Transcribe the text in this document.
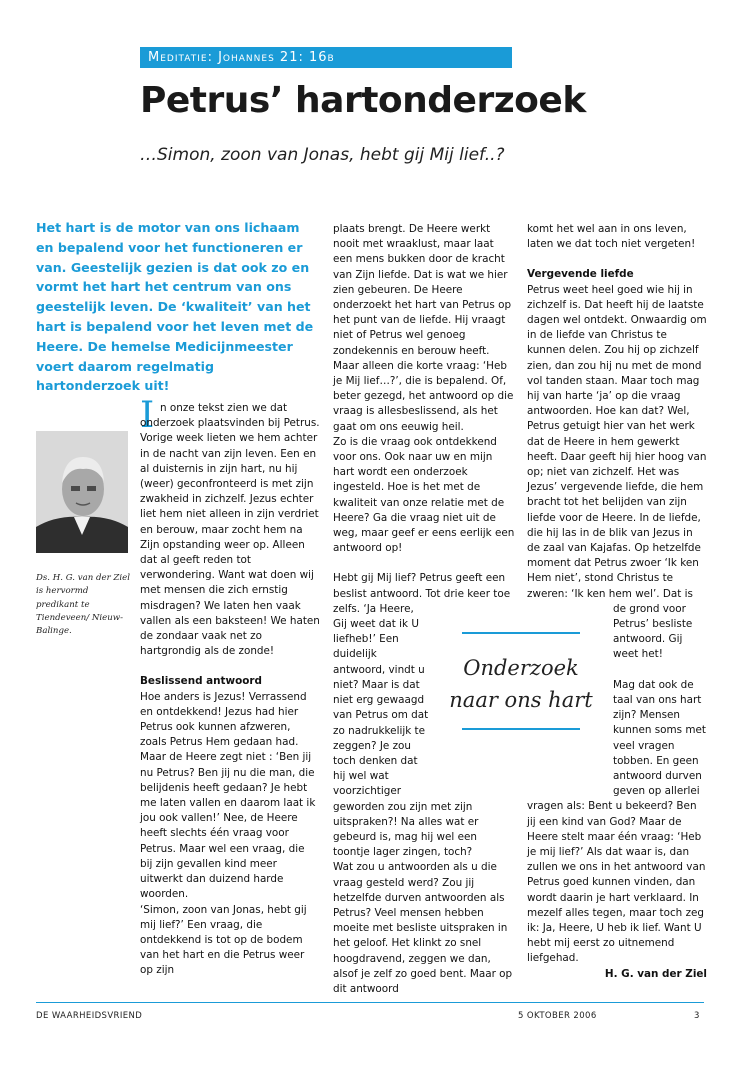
Meditatie: Johannes 21: 16b
Petrus’ hartonderzoek

…Simon, zoon van Jonas, hebt gij Mij lief..?

Het hart is de motor van ons lichaam en bepalend voor het functioneren er van. Geestelijk gezien is dat ook zo en vormt het hart het centrum van ons geestelijk leven. De ‘kwaliteit’ van het hart is bepalend voor het leven met de Heere. De hemelse Medicijnmeester voert daarom regelmatig hartonderzoek uit!

Ds. H. G. van der Ziel is hervormd predikant te Tiendeveen/ Nieuw-Balinge.

I n onze tekst zien we dat onderzoek plaatsvinden bij Petrus. Vorige week lieten we hem achter in de nacht van zijn leven. Een en al duisternis in zijn hart, nu hij (weer) geconfronteerd is met zijn zwakheid in zichzelf. Jezus echter liet hem niet alleen in zijn verdriet en berouw, maar zocht hem na Zijn opstanding weer op. Alleen dat al geeft reden tot verwondering. Want wat doen wij met mensen die zich ernstig misdragen? We laten hen vaak vallen als een baksteen! We haten de zondaar vaak net zo hartgrondig als de zonde!

Beslissend antwoord

Hoe anders is Jezus! Verrassend en ontdekkend! Jezus had hier Petrus ook kunnen afzweren, zoals Petrus Hem gedaan had. Maar de Heere zegt niet : ‘Ben jij nu Petrus? Ben jij nu die man, die belijdenis heeft gedaan? Je hebt me laten vallen en daarom laat ik jou ook vallen!’ Nee, de Heere heeft slechts één vraag voor Petrus. Maar wel een vraag, die bij zijn gevallen kind meer uitwerkt dan duizend harde woorden.

‘Simon, zoon van Jonas, hebt gij mij lief?’ Een vraag, die ontdekkend is tot op de bodem van het hart en die Petrus weer op zijn

plaats brengt. De Heere werkt nooit met wraaklust, maar laat een mens bukken door de kracht van Zijn liefde. Dat is wat we hier zien gebeuren. De Heere onderzoekt het hart van Petrus op het punt van de liefde. Hij vraagt niet of Petrus wel genoeg zondekennis en berouw heeft. Maar alleen die korte vraag: ‘Heb je Mij lief…?’, die is bepalend. Of, beter gezegd, het antwoord op die vraag is allesbeslissend, als het gaat om ons eeuwig heil.

Zo is die vraag ook ontdekkend voor ons. Ook naar uw en mijn hart wordt een onderzoek ingesteld. Hoe is het met de kwaliteit van onze relatie met de Heere? Ga die vraag niet uit de weg, maar geef er eens eerlijk een antwoord op!

Hebt gij Mij lief? Petrus geeft een beslist antwoord. Tot drie keer toe zelfs. ‘Ja Heere,

Gij weet dat ik U liefheb!’ Een duidelijk antwoord, vindt u niet? Maar is dat niet erg gewaagd van Petrus om dat zo nadrukkelijk te zeggen? Je zou toch denken dat hij wel wat voorzichtiger

geworden zou zijn met zijn uitspraken?! Na alles wat er gebeurd is, mag hij wel een toontje lager zingen, toch?

Wat zou u antwoorden als u die vraag gesteld werd? Zou jij hetzelfde durven antwoorden als Petrus? Veel mensen hebben moeite met besliste uitspraken in het geloof. Het klinkt zo snel hoogdravend, zeggen we dan, alsof je zelf zo goed bent. Maar op dit antwoord

Onderzoek naar ons hart

komt het wel aan in ons leven, laten we dat toch niet vergeten!

Vergevende liefde

Petrus weet heel goed wie hij in zichzelf is. Dat heeft hij de laatste dagen wel ontdekt. Onwaardig om in de liefde van Christus te kunnen delen. Zou hij op zichzelf zien, dan zou hij nu met de mond vol tanden staan. Maar toch mag hij van harte ‘ja’ op die vraag antwoorden. Hoe kan dat? Wel, Petrus getuigt hier van het werk dat de Heere in hem gewerkt heeft. Daar geeft hij hier hoog van op; niet van zichzelf. Het was Jezus’ vergevende liefde, die hem bracht tot het belijden van zijn liefde voor de Heere. In de liefde, die hij las in de blik van Jezus in de zaal van Kajafas. Op hetzelfde moment dat Petrus zwoer ‘Ik ken Hem niet’, stond Christus te zweren: ‘Ik ken hem wel’. Dat is

de grond voor Petrus’ besliste antwoord. Gij weet het!

Mag dat ook de taal van ons hart zijn? Mensen kunnen soms met veel vragen tobben. En geen antwoord durven geven op allerlei

vragen als: Bent u bekeerd? Ben jij een kind van God? Maar de Heere stelt maar één vraag: ‘Heb je mij lief?’ Als dat waar is, dan zullen we ons in het antwoord van Petrus goed kunnen vinden, dan wordt daarin je hart verklaard. In mezelf alles tegen, maar toch zeg ik: Ja, Heere, U heb ik lief. Want U hebt mij eerst zo uitnemend liefgehad.

H. G. van der Ziel

DE WAARHEIDSVRIEND	5 OKTOBER 2006	3
